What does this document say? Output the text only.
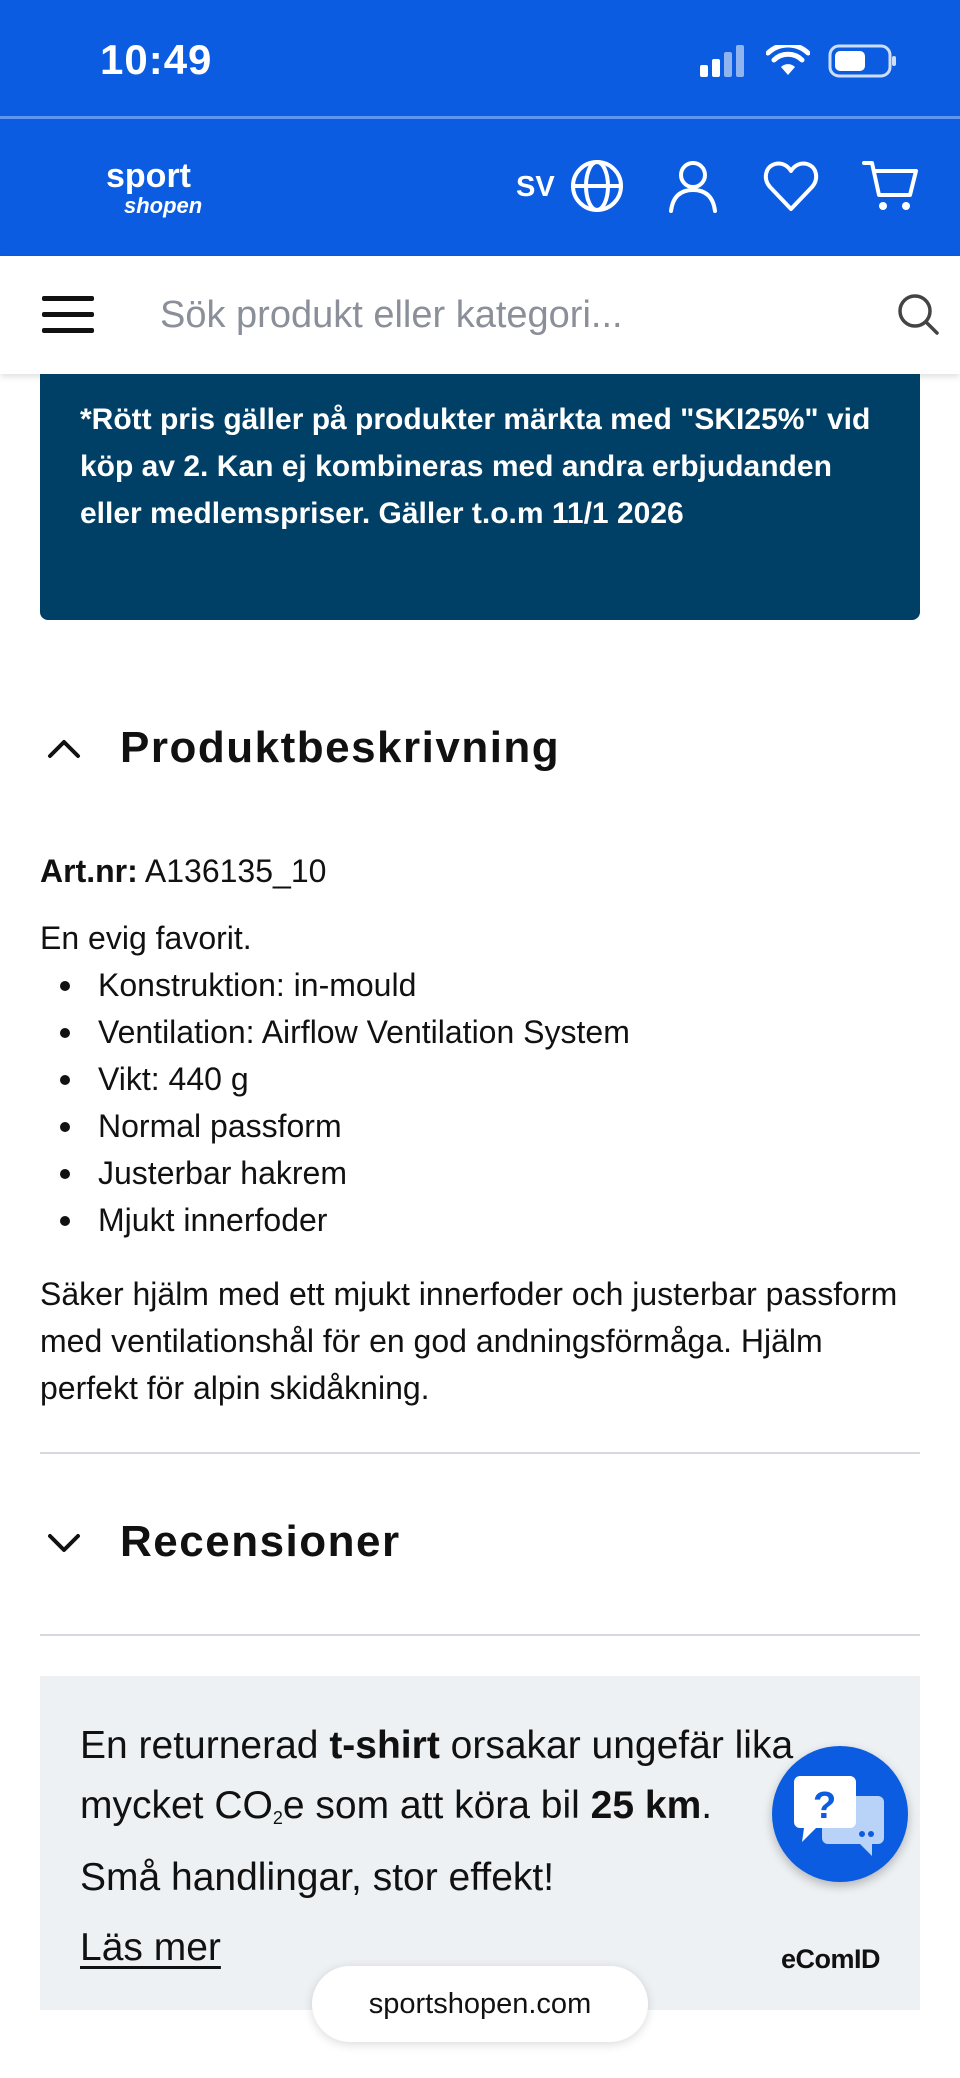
10:49
sport
shopen
SV
Sök produkt eller kategori...
*Rött pris gäller på produkter märkta med "SKI25%" vid köp av 2. Kan ej kombineras med andra erbjudanden eller medlemspriser. Gäller t.o.m 11/1 2026
Produktbeskrivning
Art.nr: A136135_10
En evig favorit.
Konstruktion: in-mould
Ventilation: Airflow Ventilation System
Vikt: 440 g
Normal passform
Justerbar hakrem
Mjukt innerfoder
Säker hjälm med ett mjukt innerfoder och justerbar passform med ventilationshål för en god andningsförmåga. Hjälm perfekt för alpin skidåkning.
Recensioner
En returnerad t-shirt orsakar ungefär lika mycket $CO_2e$ som att köra bil 25 km.
Små handlingar, stor effekt!
Läs mer	eComID
?
sportshopen.com
